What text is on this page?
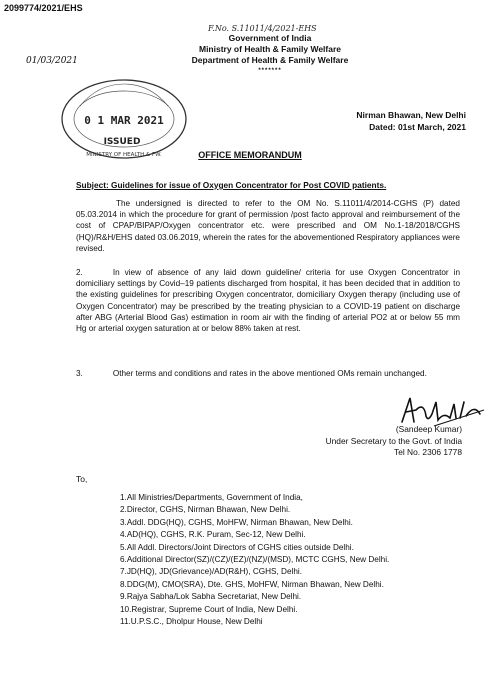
2099774/2021/EHS
F.No. S.11011/4/2021-EHS
01/03/2021
Government of India
Ministry of Health & Family Welfare
Department of Health & Family Welfare
*******
0 1 MAR 2021
ISSUED
MINISTRY OF HEALTH & FW.
Nirman Bhawan, New Delhi
Dated: 01st March, 2021
OFFICE MEMORANDUM
Subject: Guidelines for issue of Oxygen Concentrator for Post COVID patients.
The undersigned is directed to refer to the OM No. S.11011/4/2014-CGHS (P) dated 05.03.2014 in which the procedure for grant of permission /post facto approval and reimbursement of the cost of CPAP/BIPAP/Oxygen concentrator etc. were prescribed and OM No.1-18/2018/CGHS (HQ)/R&H/EHS dated 03.06.2019, wherein the rates for the abovementioned Respiratory appliances were revised.
2.	In view of absence of any laid down guideline/ criteria for use Oxygen Concentrator in domiciliary settings by Covid–19 patients discharged from hospital, it has been decided that in addition to the existing guidelines for prescribing Oxygen concentrator, domiciliary Oxygen therapy (including use of Oxygen Concentrator) may be prescribed by the treating physician to a COVID-19 patient on discharge after ABG (Arterial Blood Gas) estimation in room air with the finding of arterial PO2 at or below 55 mm Hg or arterial oxygen saturation at or below 88% taken at rest.
3.	Other terms and conditions and rates in the above mentioned OMs remain unchanged.
(Sandeep Kumar)
Under Secretary to the Govt. of India
Tel No. 2306 1778
To,
1.All Ministries/Departments, Government of India,
2.Director, CGHS, Nirman Bhawan, New Delhi.
3.Addl. DDG(HQ), CGHS, MoHFW, Nirman Bhawan, New Delhi.
4.AD(HQ), CGHS, R.K. Puram, Sec-12, New Delhi.
5.All Addl. Directors/Joint Directors of CGHS cities outside Delhi.
6.Additional Director(SZ)/(CZ)/(EZ)/(NZ)/(MSD), MCTC CGHS, New Delhi.
7.JD(HQ), JD(Grievance)/AD(R&H), CGHS, Delhi.
8.DDG(M), CMO(SRA), Dte. GHS, MoHFW, Nirman Bhawan, New Delhi.
9.Rajya Sabha/Lok Sabha Secretariat, New Delhi.
10.Registrar, Supreme Court of India, New Delhi.
11.U.P.S.C., Dholpur House, New Delhi
